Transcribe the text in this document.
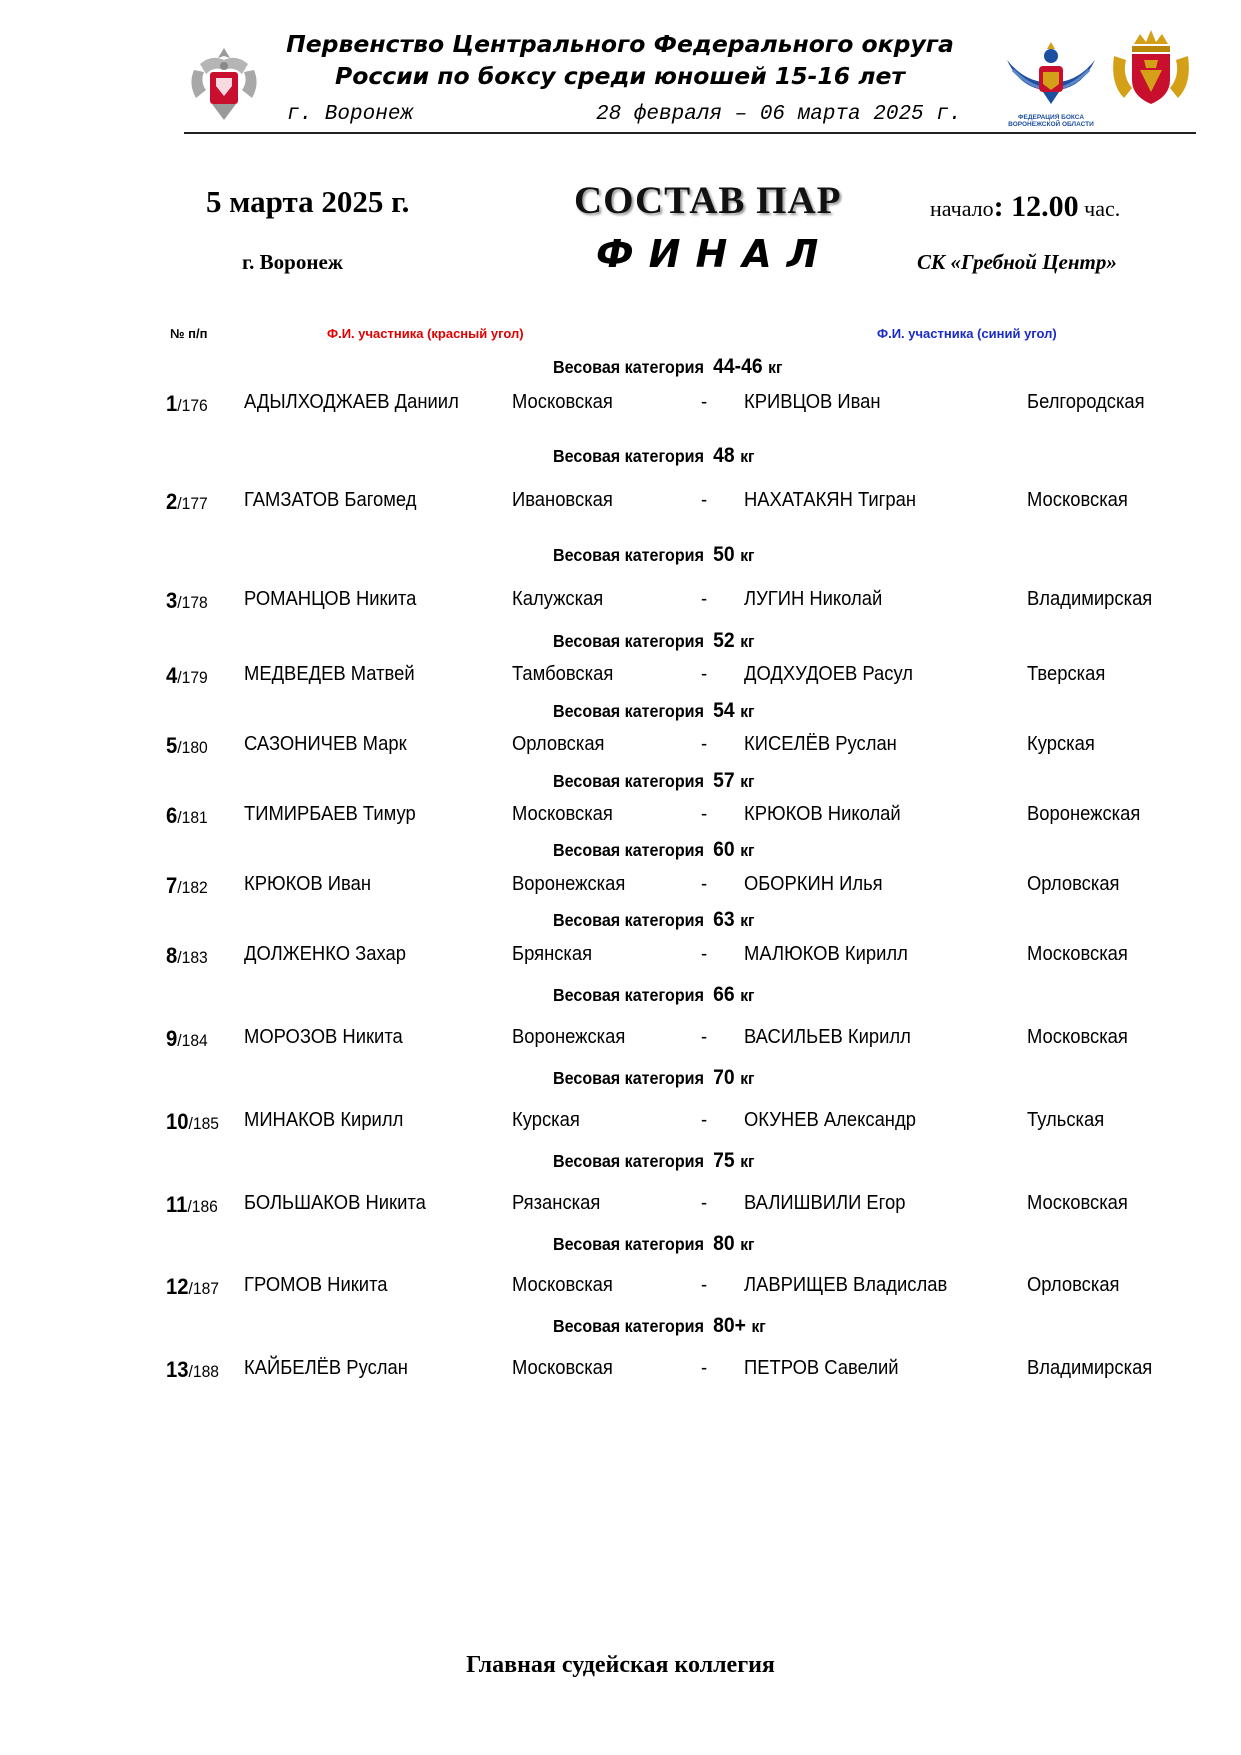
Первенство Центрального Федерального округа
России по боксу среди юношей 15-16 лет
г. Воронеж	28 февраля – 06 марта 2025 г.	ФЕДЕРАЦИЯ БОКСА ВОРОНЕЖСКОЙ ОБЛАСТИ
5 марта 2025 г.	СОСТАВ ПАР	начало: 12.00 час.
г. Воронеж	ФИНАЛ	СК «Гребной Центр»
№ п/п	Ф.И. участника (красный угол)	Ф.И. участника (синий угол)
Весовая категория 44-46 кг
1/176 АДЫЛХОДЖАЕВ Даниил	Московская	- КРИВЦОВ Иван	Белгородская
Весовая категория 48 кг
2/177 ГАМЗАТОВ Багомед	Ивановская	- НАХАТАКЯН Тигран	Московская
Весовая категория 50 кг
3/178 РОМАНЦОВ Никита	Калужская	- ЛУГИН Николай	Владимирская
Весовая категория 52 кг
4/179 МЕДВЕДЕВ Матвей	Тамбовская	- ДОДХУДОЕВ Расул	Тверская
Весовая категория 54 кг
5/180 САЗОНИЧЕВ Марк	Орловская	- КИСЕЛЁВ Руслан	Курская
Весовая категория 57 кг
6/181 ТИМИРБАЕВ Тимур	Московская	- КРЮКОВ Николай	Воронежская
Весовая категория 60 кг
7/182 КРЮКОВ Иван	Воронежская	- ОБОРКИН Илья	Орловская
Весовая категория 63 кг
8/183 ДОЛЖЕНКО Захар	Брянская	- МАЛЮКОВ Кирилл	Московская
Весовая категория 66 кг
9/184 МОРОЗОВ Никита	Воронежская	- ВАСИЛЬЕВ Кирилл	Московская
Весовая категория 70 кг
10/185 МИНАКОВ Кирилл	Курская	- ОКУНЕВ Александр	Тульская
Весовая категория 75 кг
11/186 БОЛЬШАКОВ Никита	Рязанская	- ВАЛИШВИЛИ Егор	Московская
Весовая категория 80 кг
12/187 ГРОМОВ Никита	Московская	- ЛАВРИЩЕВ Владислав	Орловская
Весовая категория 80+ кг
13/188 КАЙБЕЛЁВ Руслан	Московская	- ПЕТРОВ Савелий	Владимирская
Главная судейская коллегия
